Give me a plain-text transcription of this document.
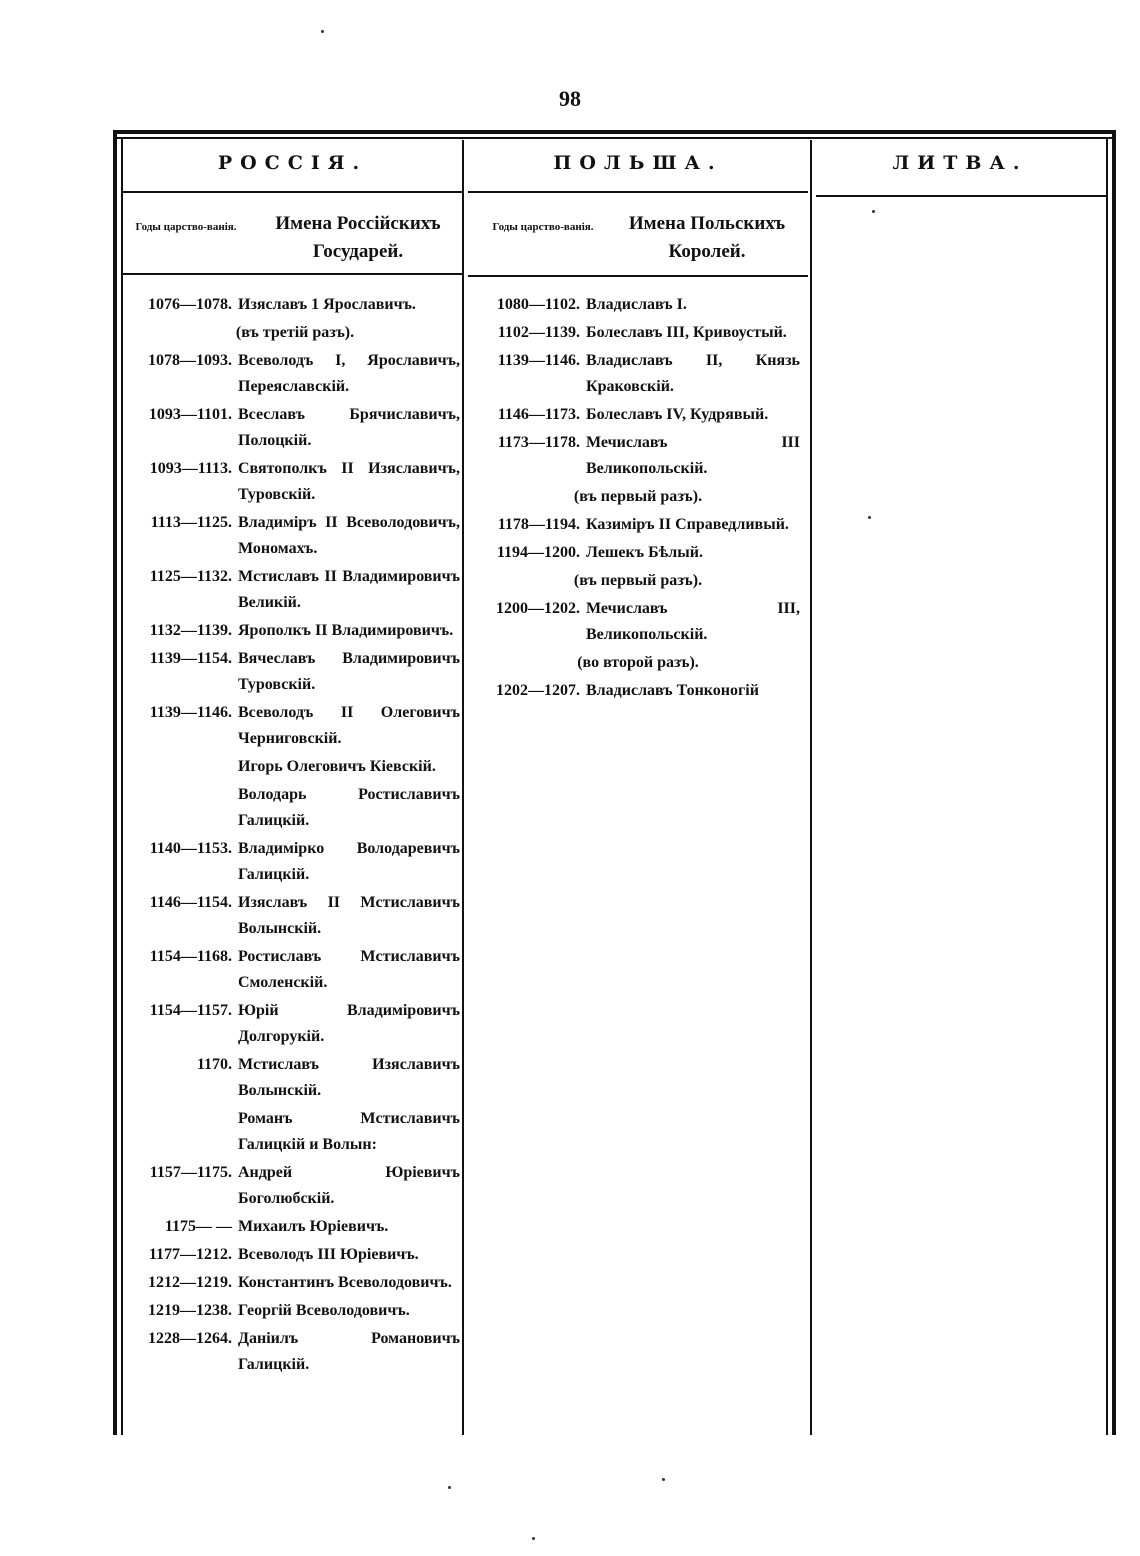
98
РОССІЯ.	ПОЛЬША.	ЛИТВА.
Годы царство-ванія.	Имена Россійскихъ Государей.
Годы царство-ванія.	Имена Польскихъ Королей.
1076—1078. Изяславъ 1 Ярославичъ.
(въ третій разъ).
1078—1093. Всеволодъ I, Ярославичъ, Переяславскій.
1093—1101. Всеславъ Брячиславичъ, Полоцкій.
1093—1113. Святополкъ II Изяславичъ, Туровскій.
1113—1125. Владиміръ II Всеволодовичъ, Мономахъ.
1125—1132. Мстиславъ II Владимировичъ Великій.
1132—1139. Ярополкъ II Владимировичъ.
1139—1154. Вячеславъ Владимировичъ Туровскій.
1139—1146. Всеволодъ II Олеговичъ Черниговскій.
Игорь Олеговичъ Кіевскій.
Володарь Ростиславичъ Галицкій.
1140—1153. Владимірко Володаревичъ Галицкій.
1146—1154. Изяславъ II Мстиславичъ Волынскій.
1154—1168. Ростиславъ Мстиславичъ Смоленскій.
1154—1157. Юрій Владиміровичъ Долгорукій.
1170. Мстиславъ Изяславичъ Волынскій.
Романъ Мстиславичъ Галицкій и Волын:
1157—1175. Андрей Юріевичъ Боголюбскій.
1175— — Михаилъ Юріевичъ.
1177—1212. Всеволодъ III Юріевичъ.
1212—1219. Константинъ Всеволодовичъ.
1219—1238. Георгій Всеволодовичъ.
1228—1264. Даніилъ Романовичъ Галицкій.
1080—1102. Владиславъ I.
1102—1139. Болеславъ III, Кривоустый.
1139—1146. Владиславъ II, Князь Краковскій.
1146—1173. Болеславъ IV, Кудрявый.
1173—1178. Мечиславъ III Великопольскій.
(въ первый разъ).
1178—1194. Казиміръ II Справедливый.
1194—1200. Лешекъ Бѣлый.
(въ первый разъ).
1200—1202. Мечиславъ III, Великопольскій.
(во второй разъ).
1202—1207. Владиславъ Тонконогій
